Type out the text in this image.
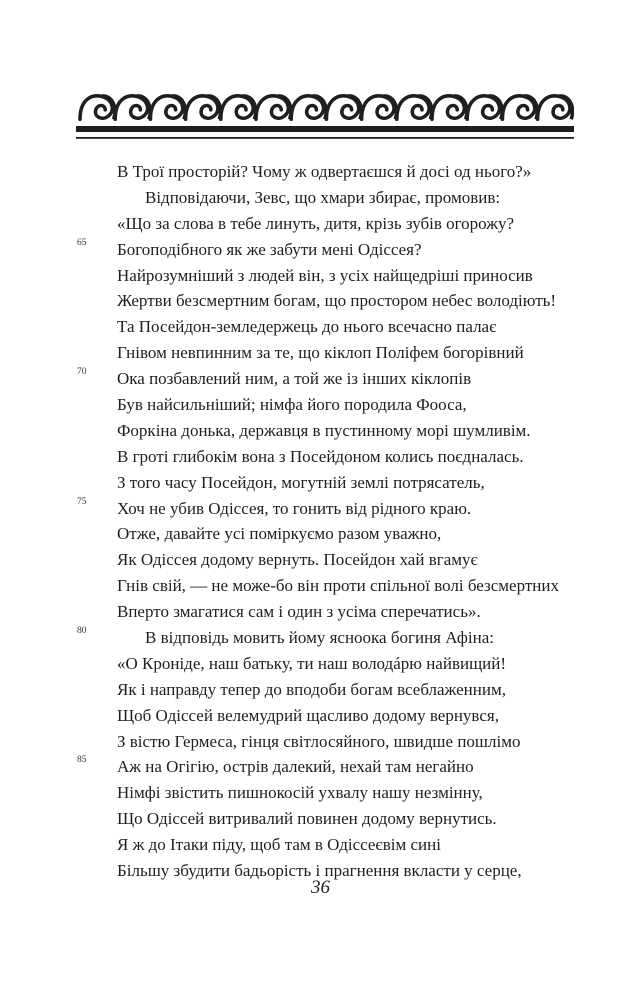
В Трої просторій? Чому ж одвертаєшся й досі од нього?»
Відповідаючи, Зевс, що хмари збирає, промовив:
«Що за слова в тебе линуть, дитя, крізь зубів огорожу?
65 Богоподібного як же забути мені Одіссея?
Найрозумніший з людей він, з усіх найщедріші приносив
Жертви безсмертним богам, що простором небес володіють!
Та Посейдон-земледержець до нього всечасно палає
Гнівом невпинним за те, що кіклоп Поліфем богорівний
70 Ока позбавлений ним, а той же із інших кіклопів
Був найсильніший; німфа його породила Фооса,
Форкіна донька, державця в пустинному морі шумливім.
В гроті глибокім вона з Посейдоном колись поєдналась.
З того часу Посейдон, могутній землі потрясатель,
75 Хоч не убив Одіссея, то гонить від рідного краю.
Отже, давайте усі поміркуємо разом уважно,
Як Одіссея додому вернуть. Посейдон хай вгамує
Гнів свій, — не може-бо він проти спільної волі безсмертних
Вперто змагатися сам і один з усіма сперечатись».
80	В відповідь мовить йому ясноока богиня Афіна:
«О Кроніде, наш батьку, ти наш володáрю найвищий!
Як і направду тепер до вподоби богам всеблаженним,
Щоб Одіссей велемудрий щасливо додому вернувся,
З вістю Гермеса, гінця світлосяйного, швидше пошлімо
85 Аж на Огігію, острів далекий, нехай там негайно
Німфі звістить пишнокосій ухвалу нашу незмінну,
Що Одіссей витривалий повинен додому вернутись.
Я ж до Ітаки піду, щоб там в Одіссеєвім сині
Більшу збудити бадьорість і прагнення вкласти у серце,
36
